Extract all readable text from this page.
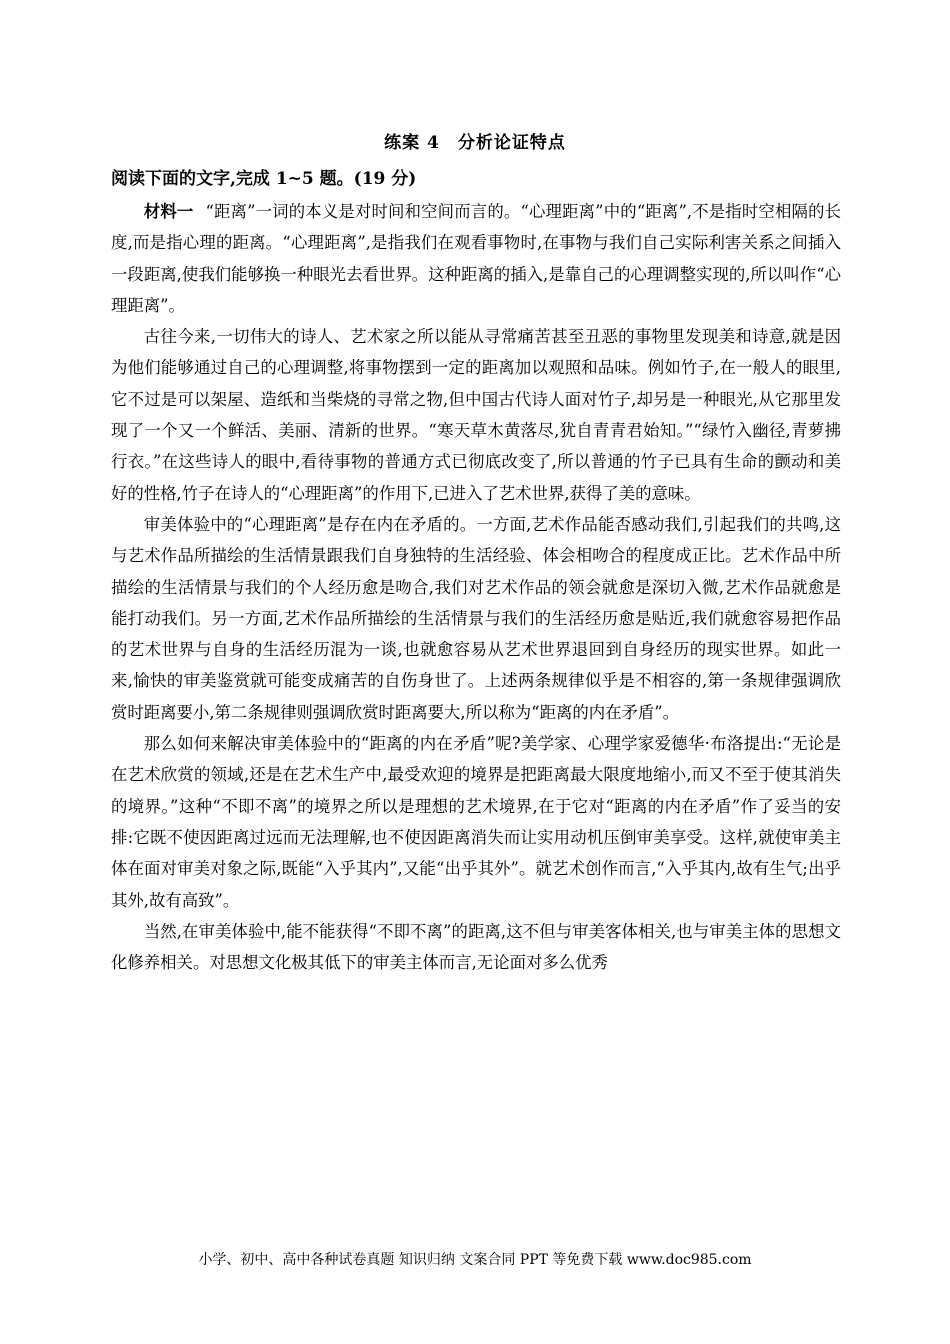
练案 4　分析论证特点
阅读下面的文字,完成 1~5 题。(19 分)

材料一 “距离”一词的本义是对时间和空间而言的。“心理距离”中的“距离”,不是指时空相隔的长度,而是指心理的距离。“心理距离”,是指我们在观看事物时,在事物与我们自己实际利害关系之间插入一段距离,使我们能够换一种眼光去看世界。这种距离的插入,是靠自己的心理调整实现的,所以叫作“心理距离”。

古往今来,一切伟大的诗人、艺术家之所以能从寻常痛苦甚至丑恶的事物里发现美和诗意,就是因为他们能够通过自己的心理调整,将事物摆到一定的距离加以观照和品味。例如竹子,在一般人的眼里,它不过是可以架屋、造纸和当柴烧的寻常之物,但中国古代诗人面对竹子,却另是一种眼光,从它那里发现了一个又一个鲜活、美丽、清新的世界。“寒天草木黄落尽,犹自青青君始知。”“绿竹入幽径,青萝拂行衣。”在这些诗人的眼中,看待事物的普通方式已彻底改变了,所以普通的竹子已具有生命的颤动和美好的性格,竹子在诗人的“心理距离”的作用下,已进入了艺术世界,获得了美的意味。

审美体验中的“心理距离”是存在内在矛盾的。一方面,艺术作品能否感动我们,引起我们的共鸣,这与艺术作品所描绘的生活情景跟我们自身独特的生活经验、体会相吻合的程度成正比。艺术作品中所描绘的生活情景与我们的个人经历愈是吻合,我们对艺术作品的领会就愈是深切入微,艺术作品就愈是能打动我们。另一方面,艺术作品所描绘的生活情景与我们的生活经历愈是贴近,我们就愈容易把作品的艺术世界与自身的生活经历混为一谈,也就愈容易从艺术世界退回到自身经历的现实世界。如此一来,愉快的审美鉴赏就可能变成痛苦的自伤身世了。上述两条规律似乎是不相容的,第一条规律强调欣赏时距离要小,第二条规律则强调欣赏时距离要大,所以称为“距离的内在矛盾”。

那么如何来解决审美体验中的“距离的内在矛盾”呢?美学家、心理学家爱德华·布洛提出:“无论是在艺术欣赏的领域,还是在艺术生产中,最受欢迎的境界是把距离最大限度地缩小,而又不至于使其消失的境界。”这种“不即不离”的境界之所以是理想的艺术境界,在于它对“距离的内在矛盾”作了妥当的安排:它既不使因距离过远而无法理解,也不使因距离消失而让实用动机压倒审美享受。这样,就使审美主体在面对审美对象之际,既能“入乎其内”,又能“出乎其外”。就艺术创作而言,“入乎其内,故有生气;出乎其外,故有高致”。

当然,在审美体验中,能不能获得“不即不离”的距离,这不但与审美客体相关,也与审美主体的思想文化修养相关。对思想文化极其低下的审美主体而言,无论面对多么优秀

小学、初中、高中各种试卷真题 知识归纳 文案合同 PPT 等免费下载 www.doc985.com
